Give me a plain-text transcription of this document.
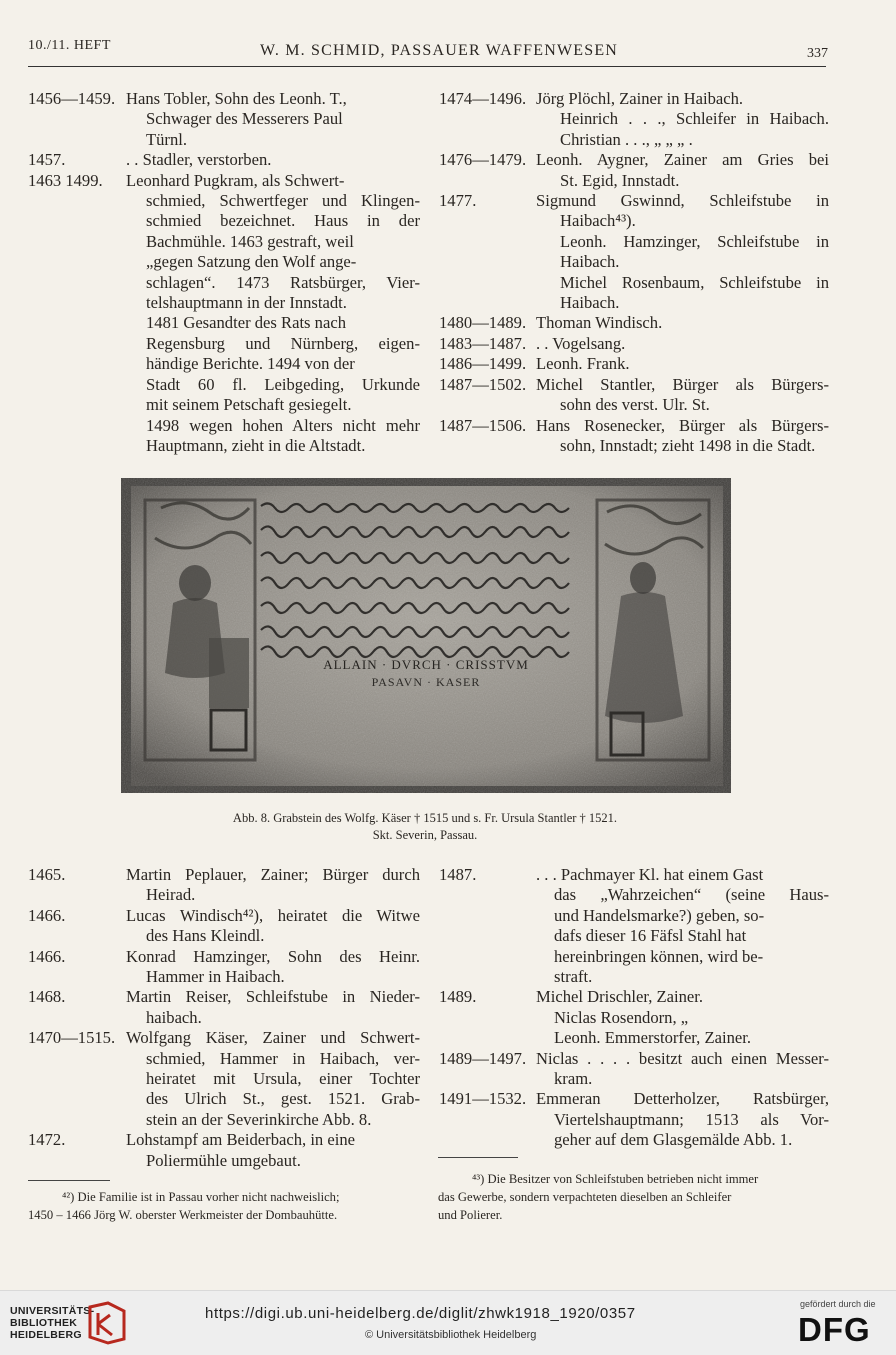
10./11. HEFT	W. M. SCHMID, PASSAUER WAFFENWESEN	337
1456—1459. Hans Tobler, Sohn des Leonh. T.,
Schwager des Messerers Paul
Türnl.
1457.	. . Stadler, verstorben.
1463 1499. Leonhard Pugkram, als Schwert-
schmied, Schwertfeger und Klingen-
schmied bezeichnet. Haus in der
Bachmühle. 1463 gestraft, weil
„gegen Satzung den Wolf ange-
schlagen“. 1473 Ratsbürger, Vier-
telshauptmann in der Innstadt.
1481 Gesandter des Rats nach
Regensburg und Nürnberg, eigen-
händige Berichte. 1494 von der
Stadt 60 fl. Leibgeding, Urkunde
mit seinem Petschaft gesiegelt.
1498 wegen hohen Alters nicht mehr
Hauptmann, zieht in die Altstadt.
1474—1496. Jörg Plöchl, Zainer in Haibach.
Heinrich . . ., Schleifer in Haibach.
Christian . . ., „ „ „ .
1476—1479. Leonh. Aygner, Zainer am Gries bei
St. Egid, Innstadt.
1477.	Sigmund Gswinnd, Schleifstube in
Haibach⁴³).
Leonh. Hamzinger, Schleifstube in
Haibach.
Michel Rosenbaum, Schleifstube in
Haibach.
1480—1489. Thoman Windisch.
1483—1487. . . Vogelsang.
1486—1499. Leonh. Frank.
1487—1502. Michel Stantler, Bürger als Bürgers-
sohn des verst. Ulr. St.
1487—1506. Hans Rosenecker, Bürger als Bürgers-
sohn, Innstadt; zieht 1498 in die Stadt.
ALLAIN · DVRCH · CRISSTVM
PASAVN · KASER
Abb. 8. Grabstein des Wolfg. Käser † 1515 und s. Fr. Ursula Stantler † 1521.
Skt. Severin, Passau.
1465.	Martin Peplauer, Zainer; Bürger durch
Heirad.
1466.	Lucas Windisch⁴²), heiratet die Witwe
des Hans Kleindl.
1466.	Konrad Hamzinger, Sohn des Heinr.
Hammer in Haibach.
1468.	Martin Reiser, Schleifstube in Nieder-
haibach.
1470—1515. Wolfgang Käser, Zainer und Schwert-
schmied, Hammer in Haibach, ver-
heiratet mit Ursula, einer Tochter
des Ulrich St., gest. 1521. Grab-
stein an der Severinkirche Abb. 8.
1472.	Lohstampf am Beiderbach, in eine
Poliermühle umgebaut.
1487.	. . . Pachmayer Kl. hat einem Gast
das „Wahrzeichen“ (seine Haus-
und Handelsmarke?) geben, so-
dafs dieser 16 Fäfsl Stahl hat
hereinbringen können, wird be-
straft.
1489.	Michel Drischler, Zainer.
Niclas Rosendorn, „
Leonh. Emmerstorfer, Zainer.
1489—1497. Niclas . . . . besitzt auch einen Messer-
kram.
1491—1532. Emmeran Detterholzer, Ratsbürger,
Viertelshauptmann; 1513 als Vor-
geher auf dem Glasgemälde Abb. 1.
⁴²) Die Familie ist in Passau vorher nicht nachweislich;
1450 – 1466 Jörg W. oberster Werkmeister der Dombauhütte.
⁴³) Die Besitzer von Schleifstuben betrieben nicht immer
das Gewerbe, sondern verpachteten dieselben an Schleifer
und Polierer.
UNIVERSITÄTS-
BIBLIOTHEK
HEIDELBERG
https://digi.ub.uni-heidelberg.de/diglit/zhwk1918_1920/0357
© Universitätsbibliothek Heidelberg
gefördert durch die
DFG
